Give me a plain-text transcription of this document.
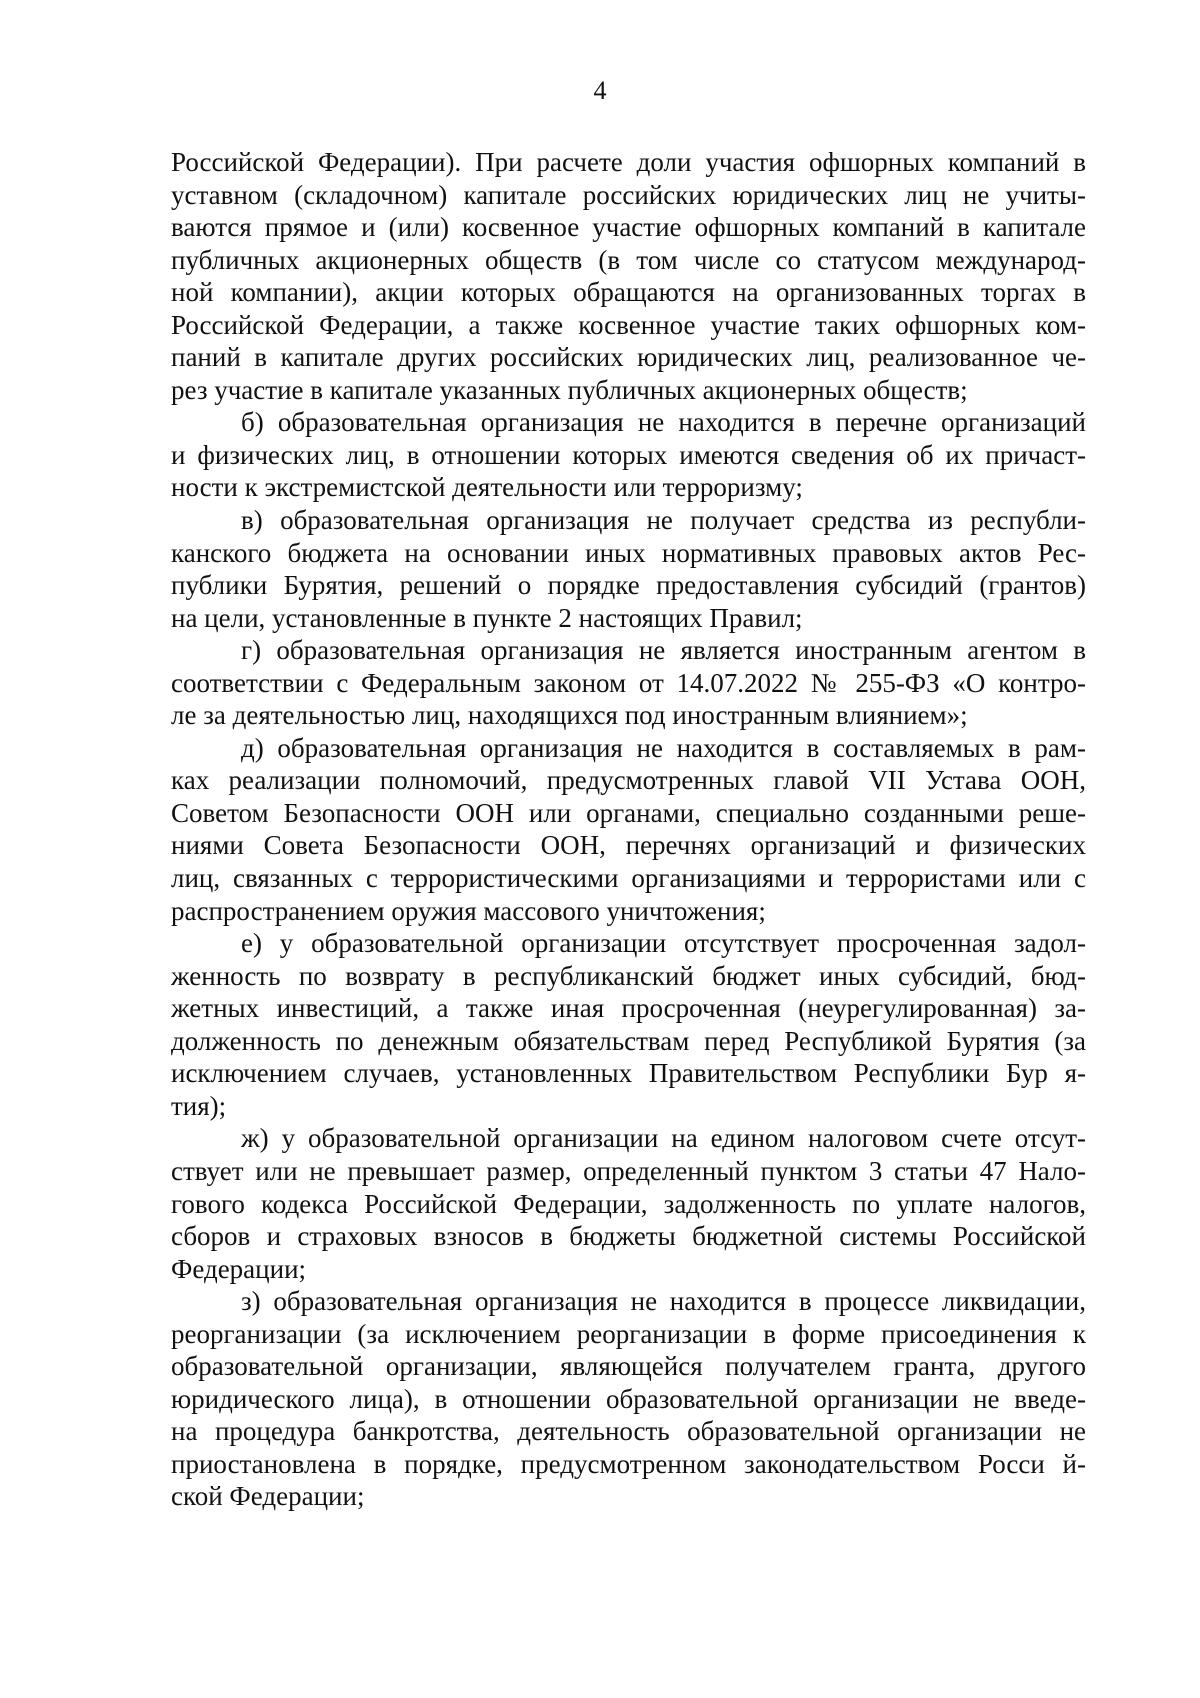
4
Российской Федерации). При расчете доли участия офшорных компаний в
уставном (складочном) капитале российских юридических лиц не учиты-
ваются прямое и (или) косвенное участие офшорных компаний в капитале
публичных акционерных обществ (в том числе со статусом международ-
ной компании), акции которых обращаются на организованных торгах в
Российской Федерации, а также косвенное участие таких офшорных ком-
паний в капитале других российских юридических лиц, реализованное че-
рез участие в капитале указанных публичных акционерных обществ;
б) образовательная организация не находится в перечне организаций
и физических лиц, в отношении которых имеются сведения об их причаст-
ности к экстремистской деятельности или терроризму;
в) образовательная организация не получает средства из республи-
канского бюджета на основании иных нормативных правовых актов Рес-
публики Бурятия, решений о порядке предоставления субсидий (грантов)
на цели, установленные в пункте 2 настоящих Правил;
г) образовательная организация не является иностранным агентом в
соответствии с Федеральным законом от 14.07.2022 № 255-ФЗ «О контро-
ле за деятельностью лиц, находящихся под иностранным влиянием»;
д) образовательная организация не находится в составляемых в рам-
ках реализации полномочий, предусмотренных главой VII Устава ООН,
Советом Безопасности ООН или органами, специально созданными реше-
ниями Совета Безопасности ООН, перечнях организаций и физических
лиц, связанных с террористическими организациями и террористами или с
распространением оружия массового уничтожения;
е) у образовательной организации отсутствует просроченная задол-
женность по возврату в республиканский бюджет иных субсидий, бюд-
жетных инвестиций, а также иная просроченная (неурегулированная) за-
долженность по денежным обязательствам перед Республикой Бурятия (за
исключением случаев, установленных Правительством Республики Бур я-
тия);
ж) у образовательной организации на едином налоговом счете отсут-
ствует или не превышает размер, определенный пунктом 3 статьи 47 Нало-
гового кодекса Российской Федерации, задолженность по уплате налогов,
сборов и страховых взносов в бюджеты бюджетной системы Российской
Федерации;
з) образовательная организация не находится в процессе ликвидации,
реорганизации (за исключением реорганизации в форме присоединения к
образовательной организации, являющейся получателем гранта, другого
юридического лица), в отношении образовательной организации не введе-
на процедура банкротства, деятельность образовательной организации не
приостановлена в порядке, предусмотренном законодательством Росси й-
ской Федерации;
